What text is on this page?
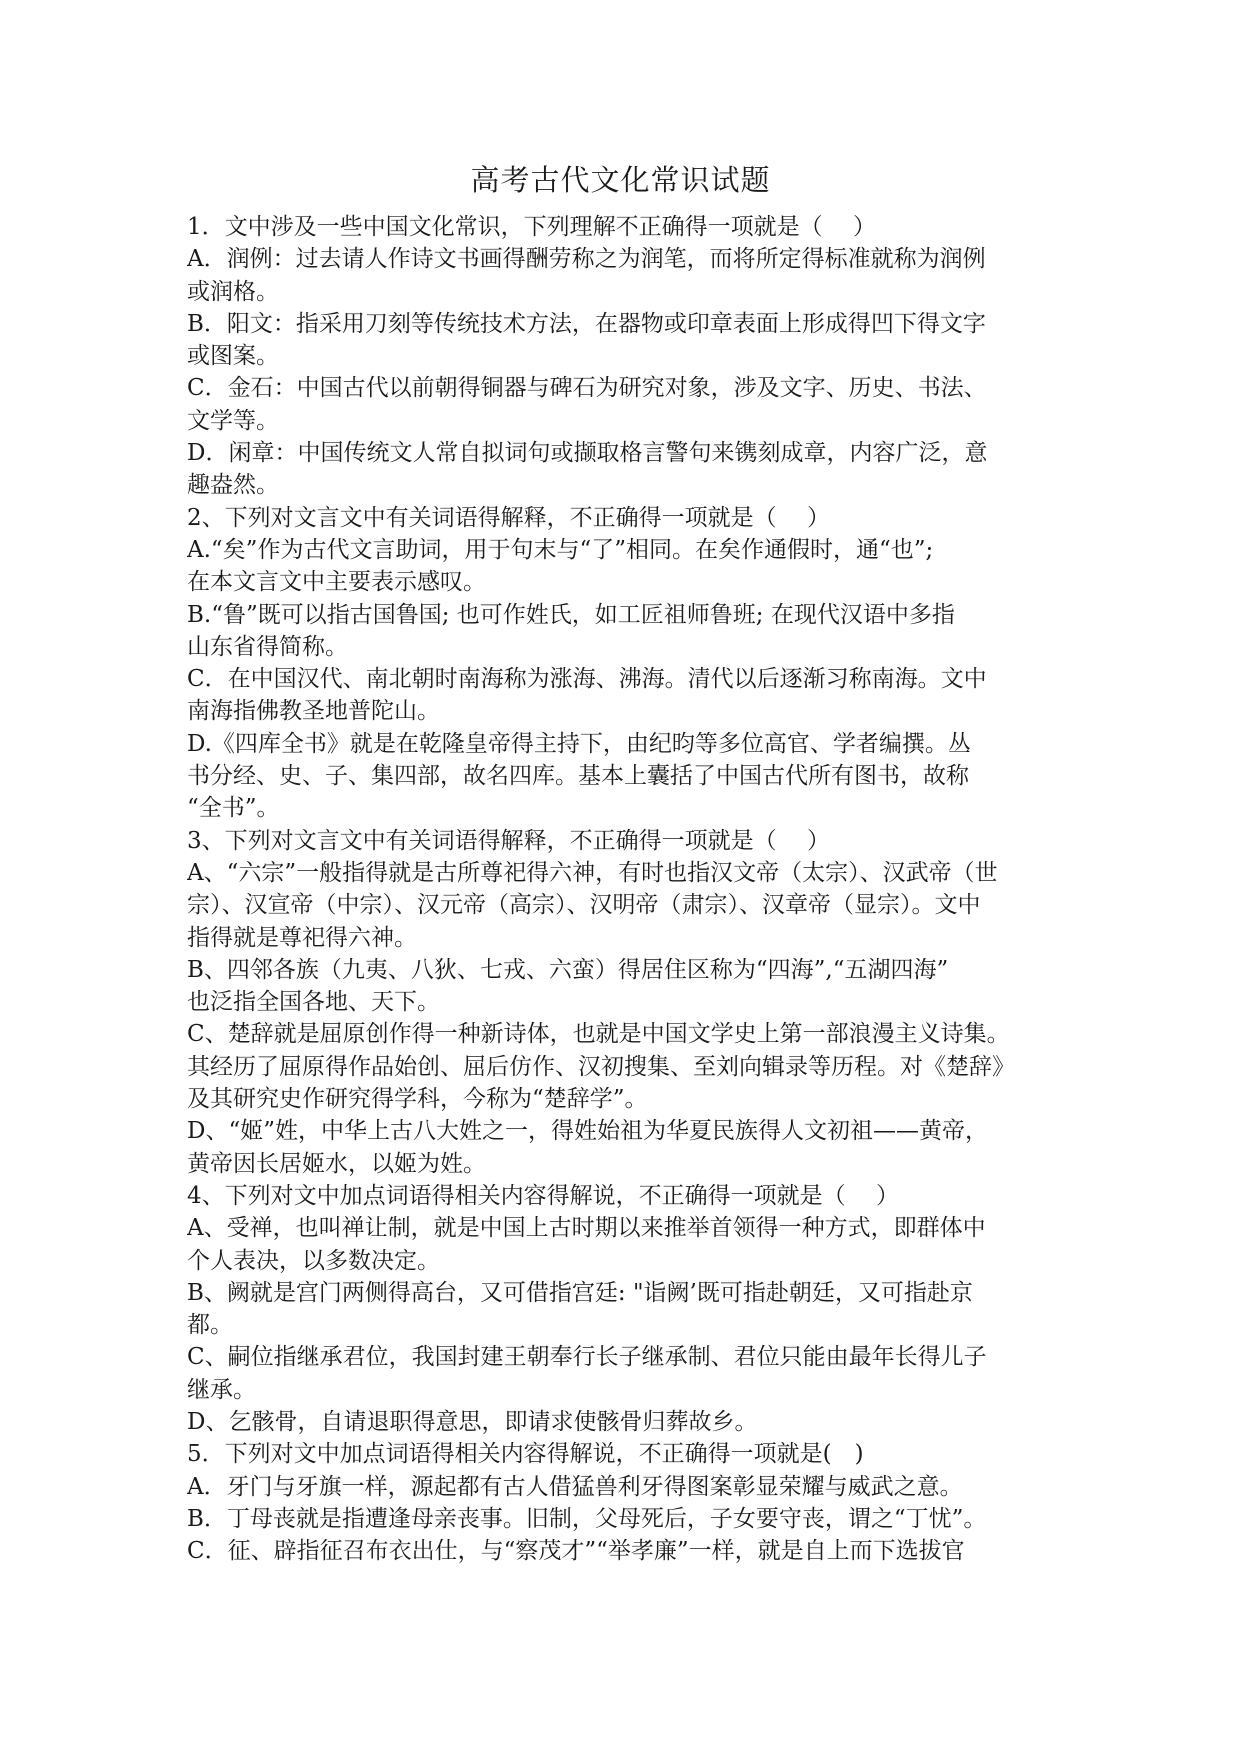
高考古代文化常识试题
1．文中涉及一些中国文化常识，下列理解不正确得一项就是（　 ）
A．润例：过去请人作诗文书画得酬劳称之为润笔，而将所定得标准就称为润例
或润格。
B．阳文：指采用刀刻等传统技术方法，在器物或印章表面上形成得凹下得文字
或图案。
C．金石：中国古代以前朝得铜器与碑石为研究对象，涉及文字、历史、书法、
文学等。
D．闲章：中国传统文人常自拟词句或撷取格言警句来镌刻成章，内容广泛，意
趣盎然。
2、下列对文言文中有关词语得解释，不正确得一项就是（　 ）
A.“矣”作为古代文言助词，用于句末与“了”相同。在矣作通假时，通“也”;
在本文言文中主要表示感叹。
B.“鲁”既可以指古国鲁国; 也可作姓氏，如工匠祖师鲁班; 在现代汉语中多指
山东省得简称。
C．在中国汉代、南北朝时南海称为涨海、沸海。清代以后逐渐习称南海。文中
南海指佛教圣地普陀山。
D.《四库全书》就是在乾隆皇帝得主持下，由纪昀等多位高官、学者编撰。丛
书分经、史、子、集四部，故名四库。基本上囊括了中国古代所有图书，故称
“全书”。
3、下列对文言文中有关词语得解释，不正确得一项就是（　 ）
A、“六宗”一般指得就是古所尊祀得六神，有时也指汉文帝（太宗）、汉武帝（世
宗）、汉宣帝（中宗）、汉元帝（高宗）、汉明帝（肃宗）、汉章帝（显宗）。文中
指得就是尊祀得六神。
B、四邻各族（九夷、八狄、七戎、六蛮）得居住区称为“四海”,“五湖四海”
也泛指全国各地、天下。
C、楚辞就是屈原创作得一种新诗体，也就是中国文学史上第一部浪漫主义诗集。
其经历了屈原得作品始创、屈后仿作、汉初搜集、至刘向辑录等历程。对《楚辞》
及其研究史作研究得学科，今称为“楚辞学”。
D、“姬”姓，中华上古八大姓之一，得姓始祖为华夏民族得人文初祖——黄帝，
黄帝因长居姬水，以姬为姓。
4、下列对文中加点词语得相关内容得解说，不正确得一项就是（　 ）
A、受禅，也叫禅让制，就是中国上古时期以来推举首领得一种方式，即群体中
个人表决，以多数决定。
B、阙就是宫门两侧得高台，又可借指宫廷: "诣阙’既可指赴朝廷，又可指赴京
都。
C、嗣位指继承君位，我国封建王朝奉行长子继承制、君位只能由最年长得儿子
继承。
D、乞骸骨，自请退职得意思，即请求使骸骨归葬故乡。
5．下列对文中加点词语得相关内容得解说，不正确得一项就是(　)
A．牙门与牙旗一样，源起都有古人借猛兽利牙得图案彰显荣耀与威武之意。
B．丁母丧就是指遭逢母亲丧事。旧制，父母死后，子女要守丧，谓之“丁忧”。
C．征、辟指征召布衣出仕，与“察茂才”“举孝廉”一样，就是自上而下选拔官
